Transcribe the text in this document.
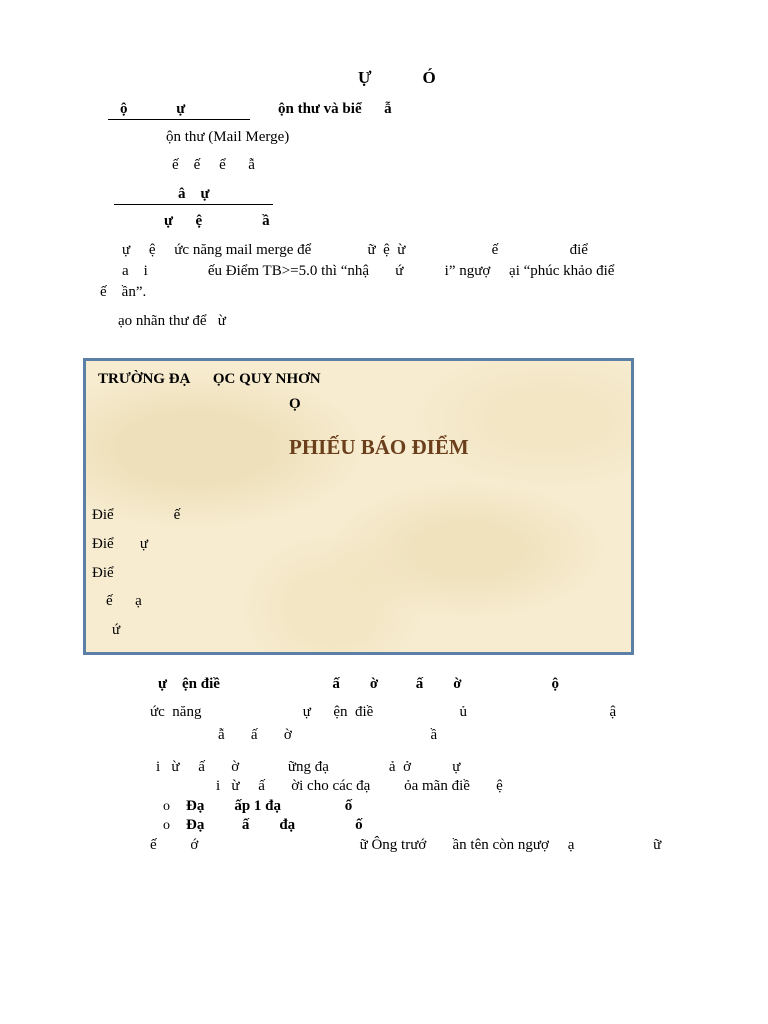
Ự            Ó
ộ             ự	ộn thư và biể      ẫ
ộn thư (Mail Merge)
ế    ế     ể      ẫ
â    ự
ự      ệ                ầ
ự     ệ     ức năng mail merge để               ữ  ệ  ừ                       ế                   điể
a    i                ếu Điểm TB>=5.0 thì “nhậ       ứ           i” ngượ     ại “phúc khảo điể
ế    ần”.
ạo nhãn thư để   ừ
TRƯỜNG ĐẠ      ỌC QUY NHƠN
Ọ
PHIẾU BÁO ĐIỂM
Điể                ế
Điể       ự
Điể
ế      ạ
ứ
ự    ện điề                              ấ        ờ          ấ        ờ                        ộ
ức  năng                           ự      ện  điề                       ủ                                      ậ
ẫ       ấ       ờ                                     ầ
i   ừ     ấ       ờ             ững đạ                ả  ở           ự
i   ừ     ấ       ời cho các đạ         ỏa mãn điề       ệ
o Đạ        ấp 1 đạ                 ố
o Đạ          ấ        đạ                ố
ế         ớ                                           ữ Ông trướ       ần tên còn ngượ     ạ                     ữ
